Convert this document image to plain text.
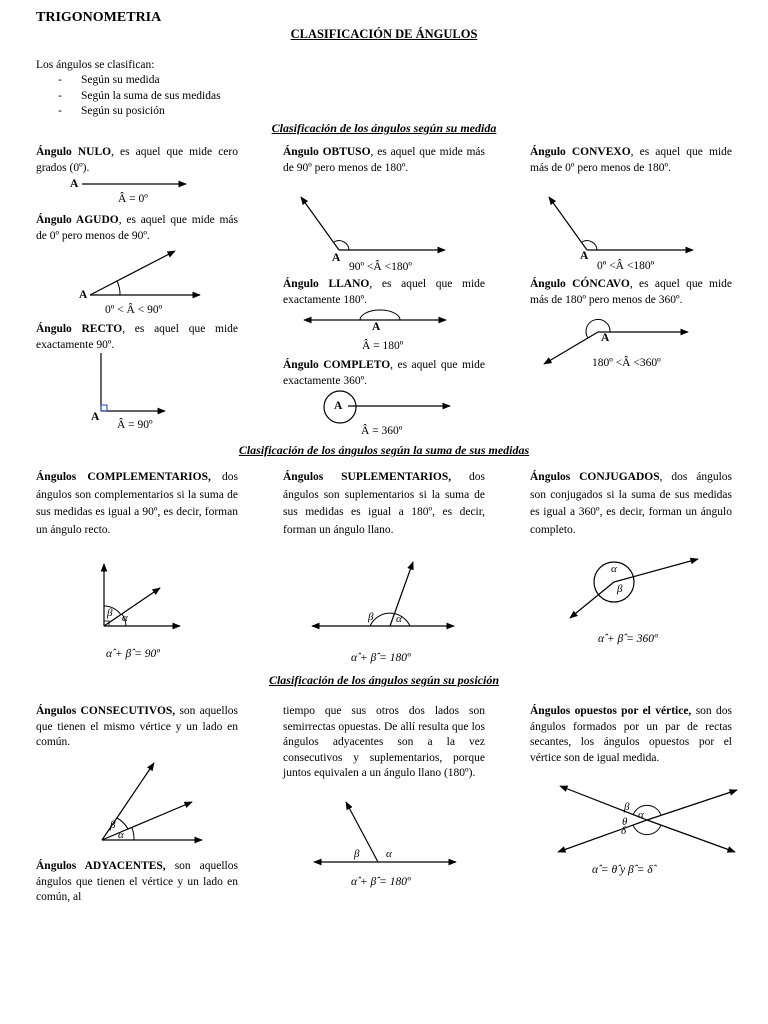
TRIGONOMETRIA
CLASIFICACIÓN DE ÁNGULOS
Los ángulos se clasifican:
- Según su medida
- Según la suma de sus medidas
- Según su posición
Clasificación de los ángulos según su medida
Ángulo NULO, es aquel que mide cero grados (0º).
A
Â = 0º
Ángulo AGUDO, es aquel que mide más de 0º pero menos de 90º.
A
0º < Â < 90º
Ángulo RECTO, es aquel que mide exactamente 90º.
A
Â = 90º
Ángulo OBTUSO, es aquel que mide más de 90º pero menos de 180º.
A
90º <Â <180º
Ángulo LLANO, es aquel que mide exactamente 180º.
A
Â = 180º
Ángulo COMPLETO, es aquel que mide exactamente 360º.
A
Â = 360º
Ángulo CONVEXO, es aquel que mide más de 0º pero menos de 180º.
A
0º <Â <180º
Ángulo CÓNCAVO, es aquel que mide más de 180º pero menos de 360º.
A
180º <Â <360º
Clasificación de los ángulos según la suma de sus medidas
Ángulos COMPLEMENTARIOS, dos ángulos son complementarios si la suma de sus medidas es igual a 90º, es decir, forman un ángulo recto.
β α
α̂ + β̂ = 90º
Ángulos SUPLEMENTARIOS, dos ángulos son suplementarios si la suma de sus medidas es igual a 180º, es decir, forman un ángulo llano.
β α
α̂ + β̂ = 180º
Ángulos CONJUGADOS, dos ángulos son conjugados si la suma de sus medidas es igual a 360º, es decir, forman un ángulo completo.
α
β
α̂ + β̂ = 360º
Clasificación de los ángulos según su posición
Ángulos CONSECUTIVOS, son aquellos que tienen el mismo vértice y un lado en común.
β
α
Ángulos ADYACENTES, son aquellos ángulos que tienen el vértice y un lado en común, al
tiempo que sus otros dos lados son semirrectas opuestas. De allí resulta que los ángulos adyacentes son a la vez consecutivos y suplementarios, porque juntos equivalen a un ángulo llano (180º).
β α
α̂ + β̂ = 180º
Ángulos opuestos por el vértice, son dos ángulos formados por un par de rectas secantes, los ángulos opuestos por el vértice son de igual medida.
θ
β
α
δ
α̂ = θ̂ y β̂ = δ̂
